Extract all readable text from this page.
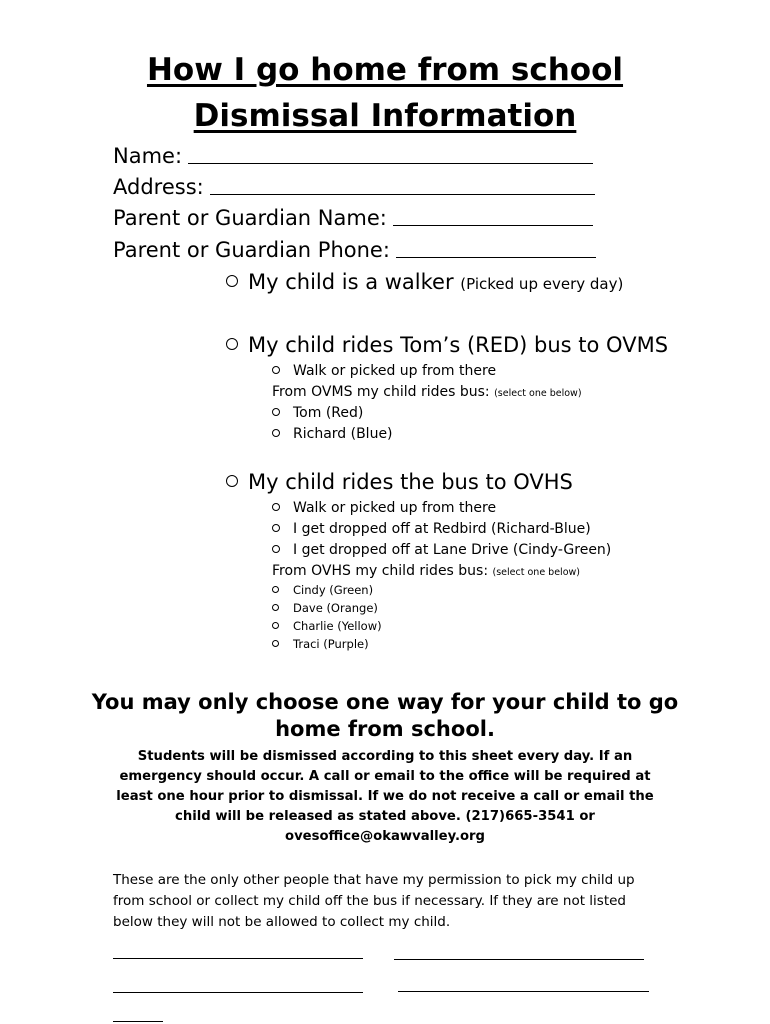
How I go home from school
Dismissal Information
Name:
Address:
Parent or Guardian Name:
Parent or Guardian Phone:
My child is a walker (Picked up every day)
My child rides Tom’s (RED) bus to OVMS
Walk or picked up from there
From OVMS my child rides bus: (select one below)
Tom (Red)
Richard (Blue)
My child rides the bus to OVHS
Walk or picked up from there
I get dropped off at Redbird (Richard-Blue)
I get dropped off at Lane Drive (Cindy-Green)
From OVHS my child rides bus: (select one below)
Cindy (Green)
Dave (Orange)
Charlie (Yellow)
Traci (Purple)
You may only choose one way for your child to go
home from school.
Students will be dismissed according to this sheet every day. If an
emergency should occur. A call or email to the office will be required at
least one hour prior to dismissal. If we do not receive a call or email the
child will be released as stated above. (217)665-3541 or
ovesoffice@okawvalley.org
These are the only other people that have my permission to pick my child up
from school or collect my child off the bus if necessary. If they are not listed
below they will not be allowed to collect my child.
